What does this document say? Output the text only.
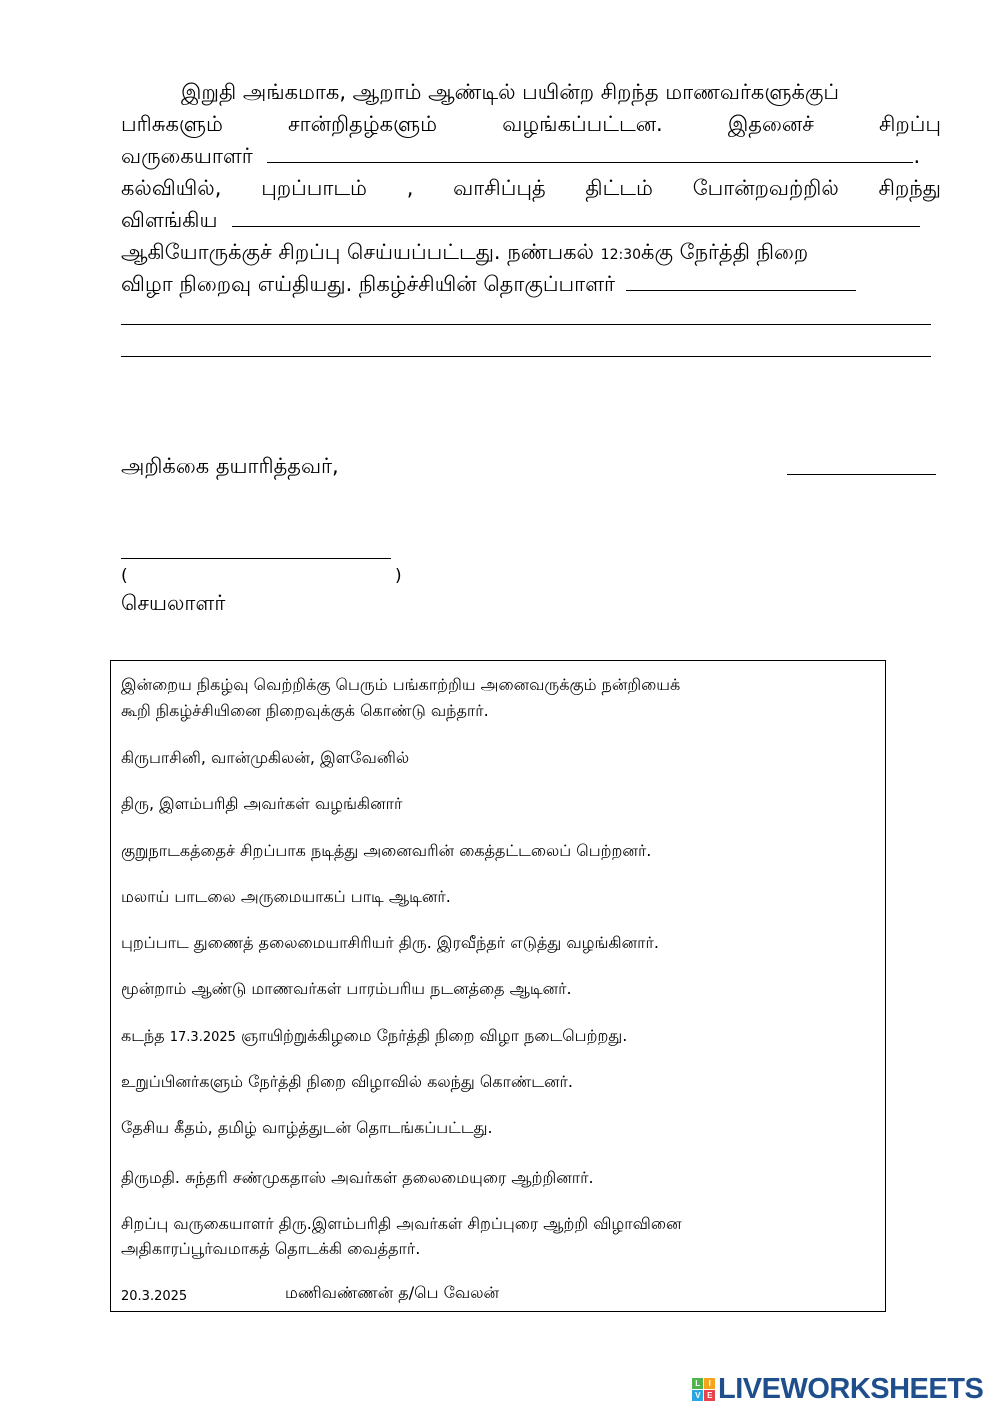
இறுதி அங்கமாக, ஆறாம் ஆண்டில் பயின்ற சிறந்த மாணவர்களுக்குப்
பரிசுகளும்	சான்றிதழ்களும்	வழங்கப்பட்டன.	இதனைச்	சிறப்பு
வருகையாளர்	.
கல்வியில், புறப்பாடம் , வாசிப்புத் திட்டம் போன்றவற்றில் சிறந்து
விளங்கிய
ஆகியோருக்குச் சிறப்பு செய்யப்பட்டது. நண்பகல் 12:30க்கு நேர்த்தி நிறை
விழா நிறைவு எய்தியது. நிகழ்ச்சியின் தொகுப்பாளர்
அறிக்கை தயாரித்தவர்,
(	)
செயலாளர்
இன்றைய நிகழ்வு வெற்றிக்கு பெரும் பங்காற்றிய அனைவருக்கும் நன்றியைக்
கூறி நிகழ்ச்சியினை நிறைவுக்குக் கொண்டு வந்தார்.
கிருபாசினி, வான்முகிலன், இளவேனில்
திரு, இளம்பரிதி அவர்கள் வழங்கினார்
குறுநாடகத்தைச் சிறப்பாக நடித்து அனைவரின் கைத்தட்டலைப் பெற்றனர்.
மலாய் பாடலை அருமையாகப் பாடி ஆடினர்.
புறப்பாட துணைத் தலைமையாசிரியர் திரு. இரவீந்தர் எடுத்து வழங்கினார்.
மூன்றாம் ஆண்டு மாணவர்கள் பாரம்பரிய நடனத்தை ஆடினர்.
கடந்த 17.3.2025 ஞாயிற்றுக்கிழமை நேர்த்தி நிறை விழா நடைபெற்றது.
உறுப்பினர்களும் நேர்த்தி நிறை விழாவில் கலந்து கொண்டனர்.
தேசிய கீதம், தமிழ் வாழ்த்துடன் தொடங்கப்பட்டது.
திருமதி. சுந்தரி சண்முகதாஸ் அவர்கள் தலைமையுரை ஆற்றினார்.
சிறப்பு வருகையாளர் திரு.இளம்பரிதி அவர்கள் சிறப்புரை ஆற்றி விழாவினை
அதிகாரப்பூர்வமாகத் தொடக்கி வைத்தார்.
20.3.2025	மணிவண்ணன் த/பெ வேலன்
L	I
V E LIVEWORKSHEETS
